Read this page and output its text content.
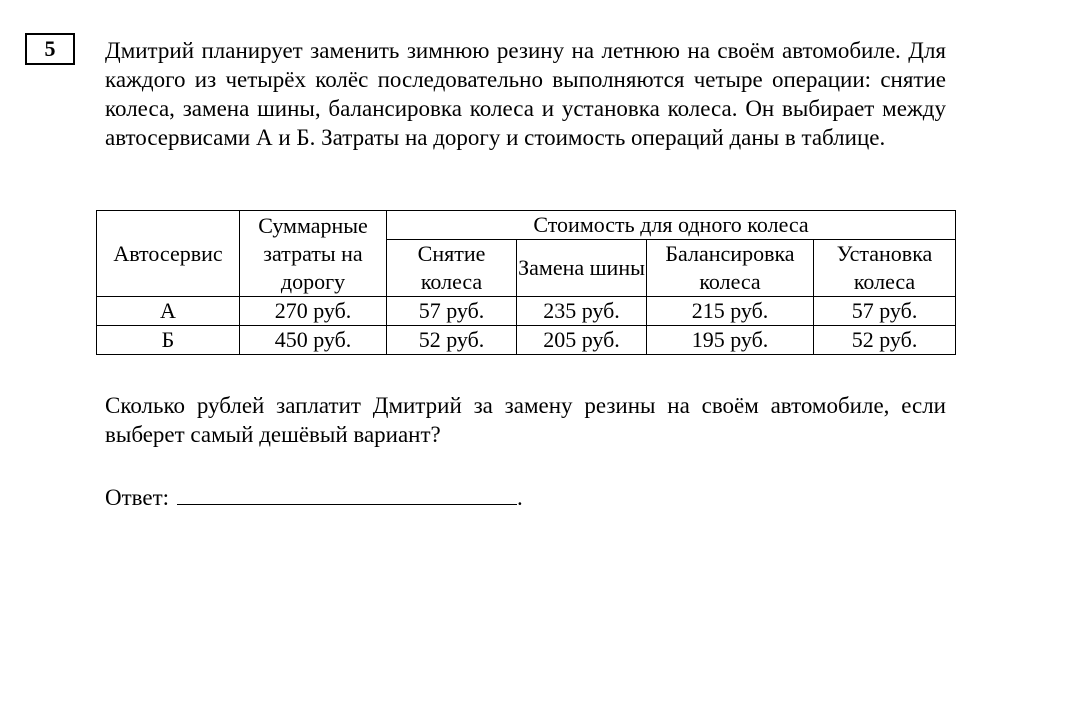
5 Дмитрий планирует заменить зимнюю резину на летнюю на своём автомобиле. Для каждого из четырёх колёс последовательно выполняются четыре операции: снятие колеса, замена шины, балансировка колеса и установка колеса. Он выбирает между автосервисами А и Б. Затраты на дорогу и стоимость операций даны в таблице.

Автосервис	Суммарные затраты на дорогу	Стоимость для одного колеса			
		Снятие колеса	Замена шины	Балансировка колеса	Установка колеса
А	270 руб.	57 руб.	235 руб.	215 руб.	57 руб.
Б	450 руб.	52 руб.	205 руб.	195 руб.	52 руб.

Сколько рублей заплатит Дмитрий за замену резины на своём автомобиле, если выберет самый дешёвый вариант?

Ответ:	.
